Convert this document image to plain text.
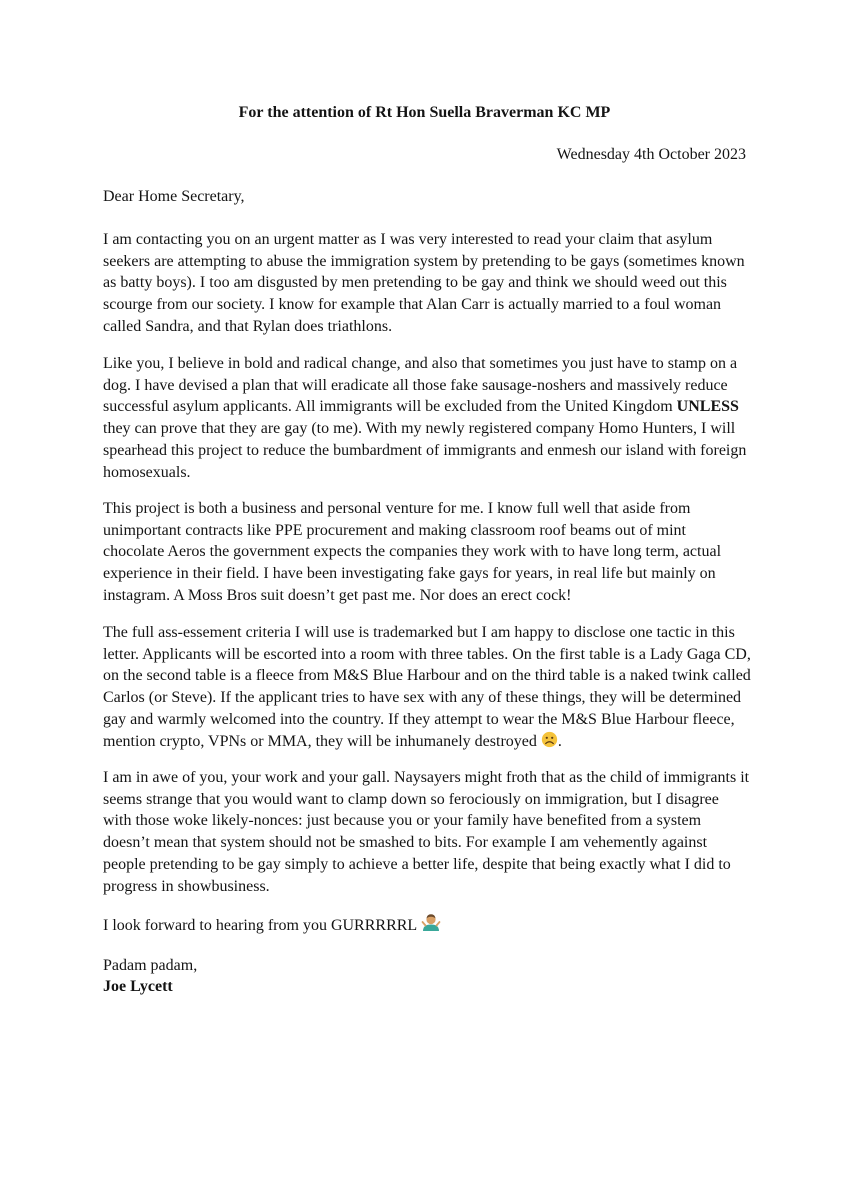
For the attention of Rt Hon Suella Braverman KC MP
Wednesday 4th October 2023
Dear Home Secretary,

I am contacting you on an urgent matter as I was very interested to read your claim that asylum seekers are attempting to abuse the immigration system by pretending to be gays (sometimes known as batty boys). I too am disgusted by men pretending to be gay and think we should weed out this scourge from our society. I know for example that Alan Carr is actually married to a foul woman called Sandra, and that Rylan does triathlons.

Like you, I believe in bold and radical change, and also that sometimes you just have to stamp on a dog. I have devised a plan that will eradicate all those fake sausage-noshers and massively reduce successful asylum applicants. All immigrants will be excluded from the United Kingdom UNLESS they can prove that they are gay (to me). With my newly registered company Homo Hunters, I will spearhead this project to reduce the bumbardment of immigrants and enmesh our island with foreign homosexuals.

This project is both a business and personal venture for me. I know full well that aside from unimportant contracts like PPE procurement and making classroom roof beams out of mint chocolate Aeros the government expects the companies they work with to have long term, actual experience in their field. I have been investigating fake gays for years, in real life but mainly on instagram. A Moss Bros suit doesn’t get past me. Nor does an erect cock!

The full ass-essement criteria I will use is trademarked but I am happy to disclose one tactic in this letter. Applicants will be escorted into a room with three tables. On the first table is a Lady Gaga CD, on the second table is a fleece from M&S Blue Harbour and on the third table is a naked twink called Carlos (or Steve). If the applicant tries to have sex with any of these things, they will be determined gay and warmly welcomed into the country. If they attempt to wear the M&S Blue Harbour fleece, mention crypto, VPNs or MMA, they will be inhumanely destroyed .

I am in awe of you, your work and your gall. Naysayers might froth that as the child of immigrants it seems strange that you would want to clamp down so ferociously on immigration, but I disagree with those woke likely-nonces: just because you or your family have benefited from a system doesn’t mean that system should not be smashed to bits. For example I am vehemently against people pretending to be gay simply to achieve a better life, despite that being exactly what I did to progress in showbusiness.

I look forward to hearing from you GURRRRRL
Padam padam,
Joe Lycett
